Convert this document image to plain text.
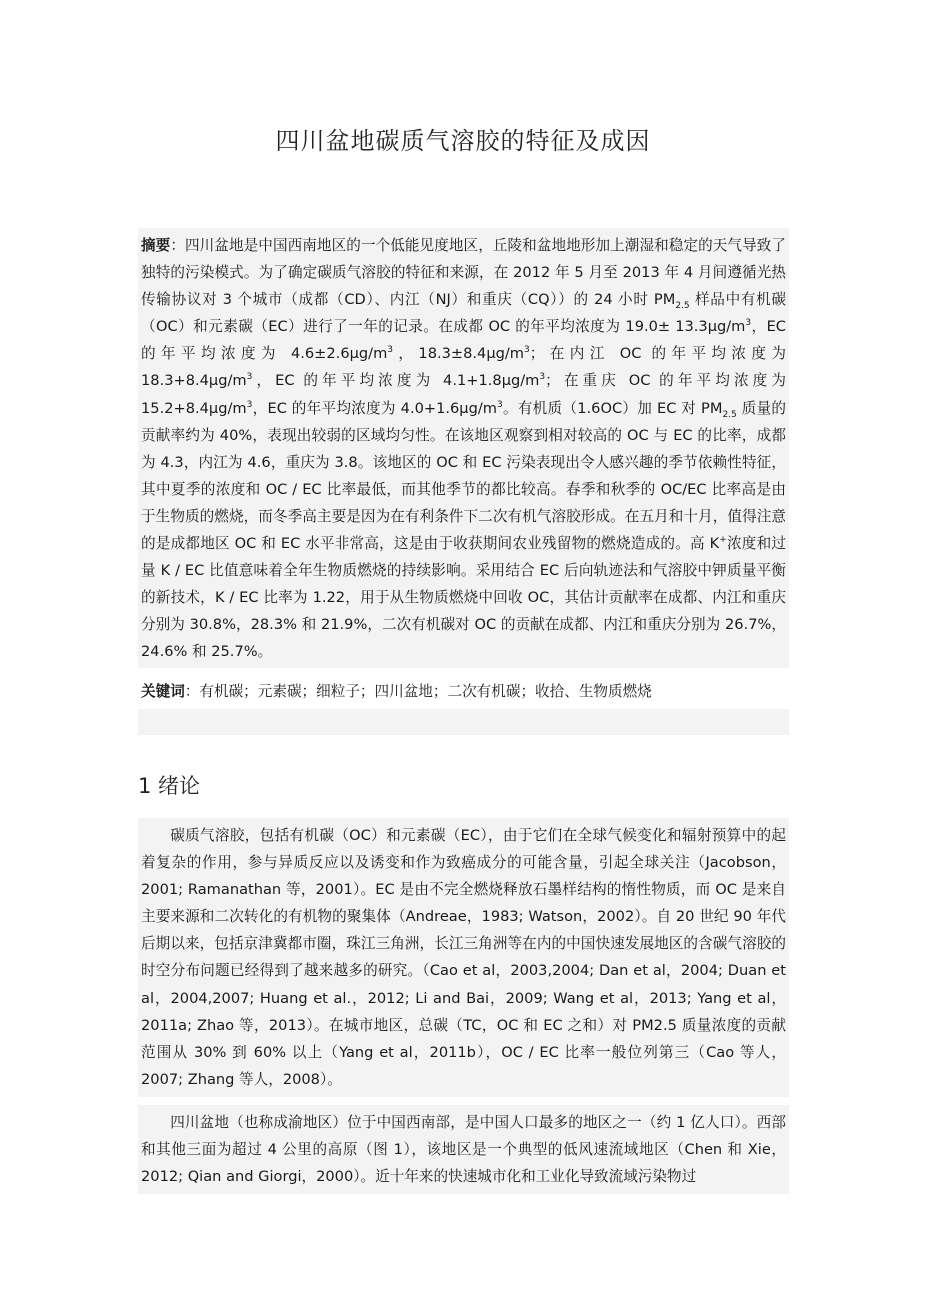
四川盆地碳质气溶胶的特征及成因
摘要：四川盆地是中国西南地区的一个低能见度地区，丘陵和盆地地形加上潮湿和稳定的天气导致了独特的污染模式。为了确定碳质气溶胶的特征和来源，在 2012 年 5 月至 2013 年 4 月间遵循光热传输协议对 3 个城市（成都（CD）、内江（NJ）和重庆（CQ））的 24 小时 $PM_{2.5}$ 样品中有机碳（OC）和元素碳（EC）进行了一年的记录。在成都 OC 的年平均浓度为 $19.0\pm 13.3\mu g/m^3$，EC 的年平均浓度为 $4.6\pm 2.6\mu g/m^3$，$18.3\pm 8.4\mu g/m^3$；在内江 OC 的年平均浓度为 $18.3+8.4\mu g/m^3$，EC 的年平均浓度为 $4.1+1.8\mu g/m^3$；在重庆 OC 的年平均浓度为 $15.2+8.4\mu g/m^3$，EC 的年平均浓度为 $4.0+1.6\mu g/m^3$。有机质（1.6OC）加 EC 对 $PM_{2.5}$ 质量的贡献率约为 40%，表现出较弱的区域均匀性。在该地区观察到相对较高的 OC 与 EC 的比率，成都为 4.3，内江为 4.6，重庆为 3.8。该地区的 OC 和 EC 污染表现出令人感兴趣的季节依赖性特征，其中夏季的浓度和 OC / EC 比率最低，而其他季节的都比较高。春季和秋季的 OC/EC 比率高是由于生物质的燃烧，而冬季高主要是因为在有利条件下二次有机气溶胶形成。在五月和十月，值得注意的是成都地区 OC 和 EC 水平非常高，这是由于收获期间农业残留物的燃烧造成的。高 K+浓度和过量 K / EC 比值意味着全年生物质燃烧的持续影响。采用结合 EC 后向轨迹法和气溶胶中钾质量平衡的新技术，K / EC 比率为 1.22，用于从生物质燃烧中回收 OC，其估计贡献率在成都、内江和重庆分别为 30.8%，28.3% 和 21.9%，二次有机碳对 OC 的贡献在成都、内江和重庆分别为 26.7%，24.6% 和 25.7%。
关键词：有机碳；元素碳；细粒子；四川盆地；二次有机碳；收拾、生物质燃烧
1 绪论
碳质气溶胶，包括有机碳（OC）和元素碳（EC），由于它们在全球气候变化和辐射预算中的起着复杂的作用，参与异质反应以及诱变和作为致癌成分的可能含量，引起全球关注（Jacobson，2001; Ramanathan 等，2001）。EC 是由不完全燃烧释放石墨样结构的惰性物质，而 OC 是来自主要来源和二次转化的有机物的聚集体（Andreae，1983; Watson，2002）。自 20 世纪 90 年代后期以来，包括京津冀都市圈，珠江三角洲，长江三角洲等在内的中国快速发展地区的含碳气溶胶的时空分布问题已经得到了越来越多的研究。（Cao et al，2003,2004; Dan et al，2004; Duan et al，2004,2007; Huang et al.，2012; Li and Bai，2009; Wang et al，2013; Yang et al，2011a; Zhao 等，2013）。在城市地区，总碳（TC，OC 和 EC 之和）对 PM2.5 质量浓度的贡献范围从 30% 到 60% 以上（Yang et al，2011b），OC / EC 比率一般位列第三（Cao 等人，2007; Zhang 等人，2008）。
四川盆地（也称成渝地区）位于中国西南部，是中国人口最多的地区之一（约 1 亿人口）。西部和其他三面为超过 4 公里的高原（图 1），该地区是一个典型的低风速流域地区（Chen 和 Xie，2012; Qian and Giorgi，2000）。近十年来的快速城市化和工业化导致流域污染物过
